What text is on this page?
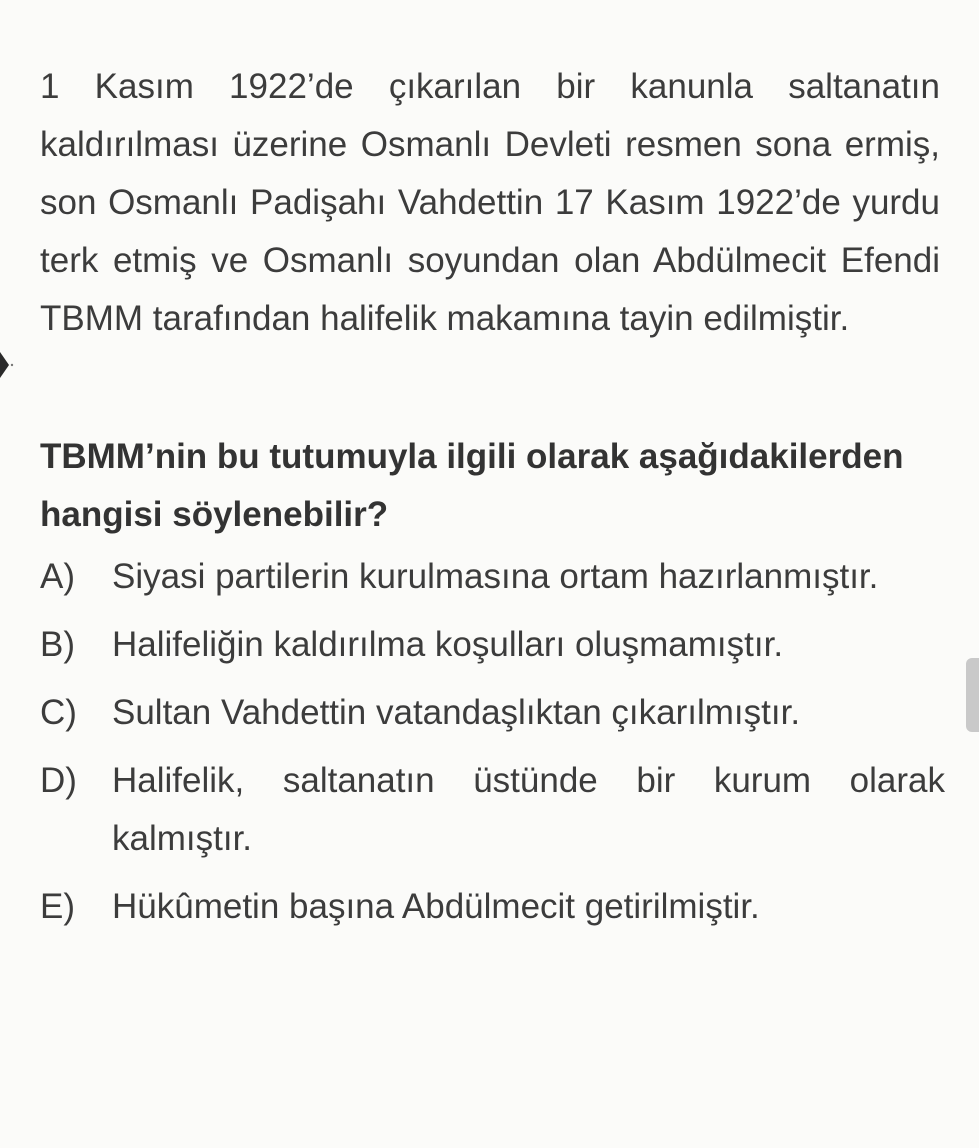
1 Kasım 1922’de çıkarılan bir kanunla saltanatın kaldırılması üzerine Osmanlı Devleti resmen sona ermiş, son Osmanlı Padişahı Vahdettin 17 Kasım 1922’de yurdu terk etmiş ve Osmanlı soyundan olan Abdülmecit Efendi TBMM tarafından halifelik makamına tayin edilmiştir.

TBMM’nin bu tutumuyla ilgili olarak aşağıdakilerden hangisi söylenebilir?

A)	Siyasi partilerin kurulmasına ortam hazırlanmıştır.
B)	Halifeliğin kaldırılma koşulları oluşmamıştır.
C)	Sultan Vahdettin vatandaşlıktan çıkarılmıştır.
D)	Halifelik, saltanatın üstünde bir kurum olarak kalmıştır.
E)	Hükûmetin başına Abdülmecit getirilmiştir.
